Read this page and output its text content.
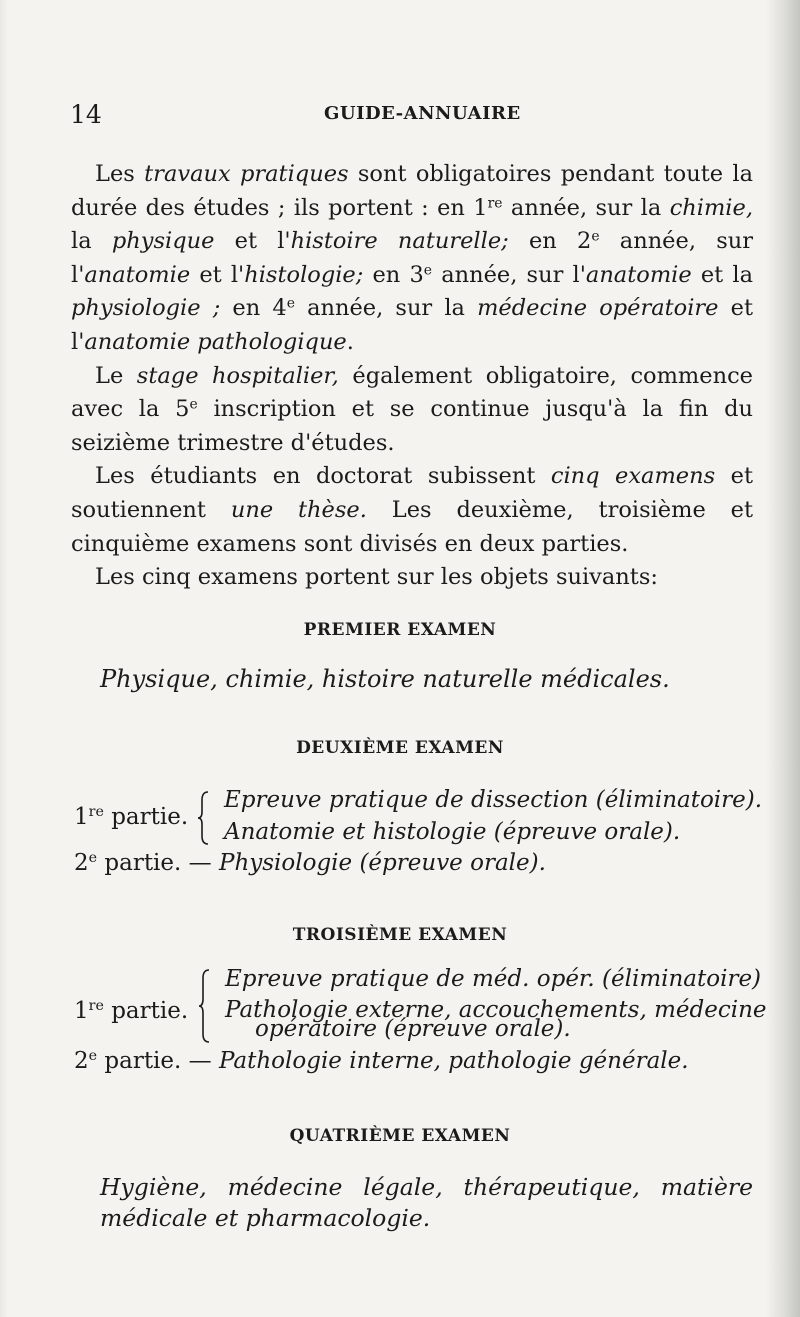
14	GUIDE-ANNUAIRE

Les travaux pratiques sont obligatoires pendant toute la durée des études ; ils portent : en 1re année, sur la chimie, la physique et l'histoire naturelle; en 2e année, sur l'anatomie et l'histologie; en 3e année, sur l'anatomie et la physiologie ; en 4e année, sur la médecine opératoire et l'anatomie pathologique.

Le stage hospitalier, également obligatoire, commence avec la 5e inscription et se continue jusqu'à la fin du seizième trimestre d'études.

Les étudiants en doctorat subissent cinq examens et soutiennent une thèse. Les deuxième, troisième et cinquième examens sont divisés en deux parties.

Les cinq examens portent sur les objets suivants:

PREMIER EXAMEN
Physique, chimie, histoire naturelle médicales.
DEUXIÈME EXAMEN
1re partie.
Epreuve pratique de dissection (éliminatoire).
Anatomie et histologie (épreuve orale).
2e partie. — Physiologie (épreuve orale).
TROISIÈME EXAMEN
Epreuve pratique de méd. opér. (éliminatoire)
1re partie. Pathologie externe, accouchements, médecine
opératoire (épreuve orale).
2e partie. — Pathologie interne, pathologie générale.
QUATRIÈME EXAMEN

Hygiène, médecine légale, thérapeutique, matière médicale et pharmacologie.
